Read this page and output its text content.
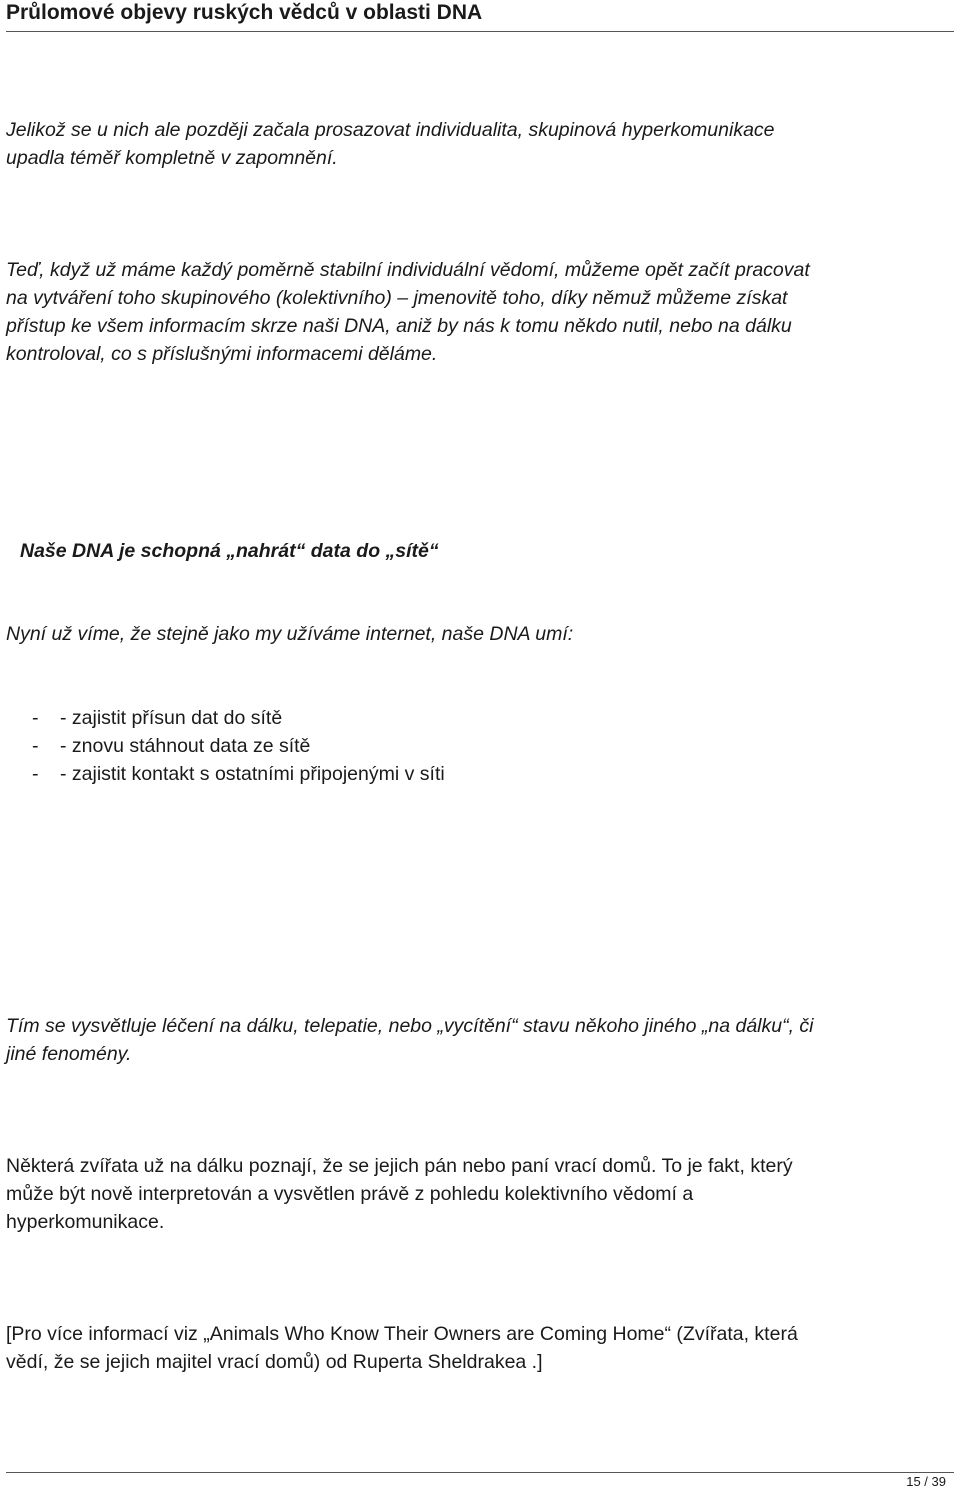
Průlomové objevy ruských vědců v oblasti DNA

Jelikož se u nich ale později začala prosazovat individualita, skupinová hyperkomunikace
upadla téměř kompletně v zapomnění.

Teď, když už máme každý poměrně stabilní individuální vědomí, můžeme opět začít pracovat
na vytváření toho skupinového (kolektivního) – jmenovitě toho, díky němuž můžeme získat
přístup ke všem informacím skrze naši DNA, aniž by nás k tomu někdo nutil, nebo na dálku
kontroloval, co s příslušnými informacemi děláme.

Naše DNA je schopná „nahrát“ data do „sítě“

Nyní už víme, že stejně jako my užíváme internet, naše DNA umí:

-	- zajistit přísun dat do sítě
-	- znovu stáhnout data ze sítě
-	- zajistit kontakt s ostatními připojenými v síti

Tím se vysvětluje léčení na dálku, telepatie, nebo „vycítění“ stavu někoho jiného „na dálku“, či
jiné fenomény.

Některá zvířata už na dálku poznají, že se jejich pán nebo paní vrací domů. To je fakt, který
může být nově interpretován a vysvětlen právě z pohledu kolektivního vědomí a
hyperkomunikace.

[Pro více informací viz „Animals Who Know Their Owners are Coming Home“ (Zvířata, která
vědí, že se jejich majitel vrací domů) od Ruperta Sheldrakea .]

15 / 39
